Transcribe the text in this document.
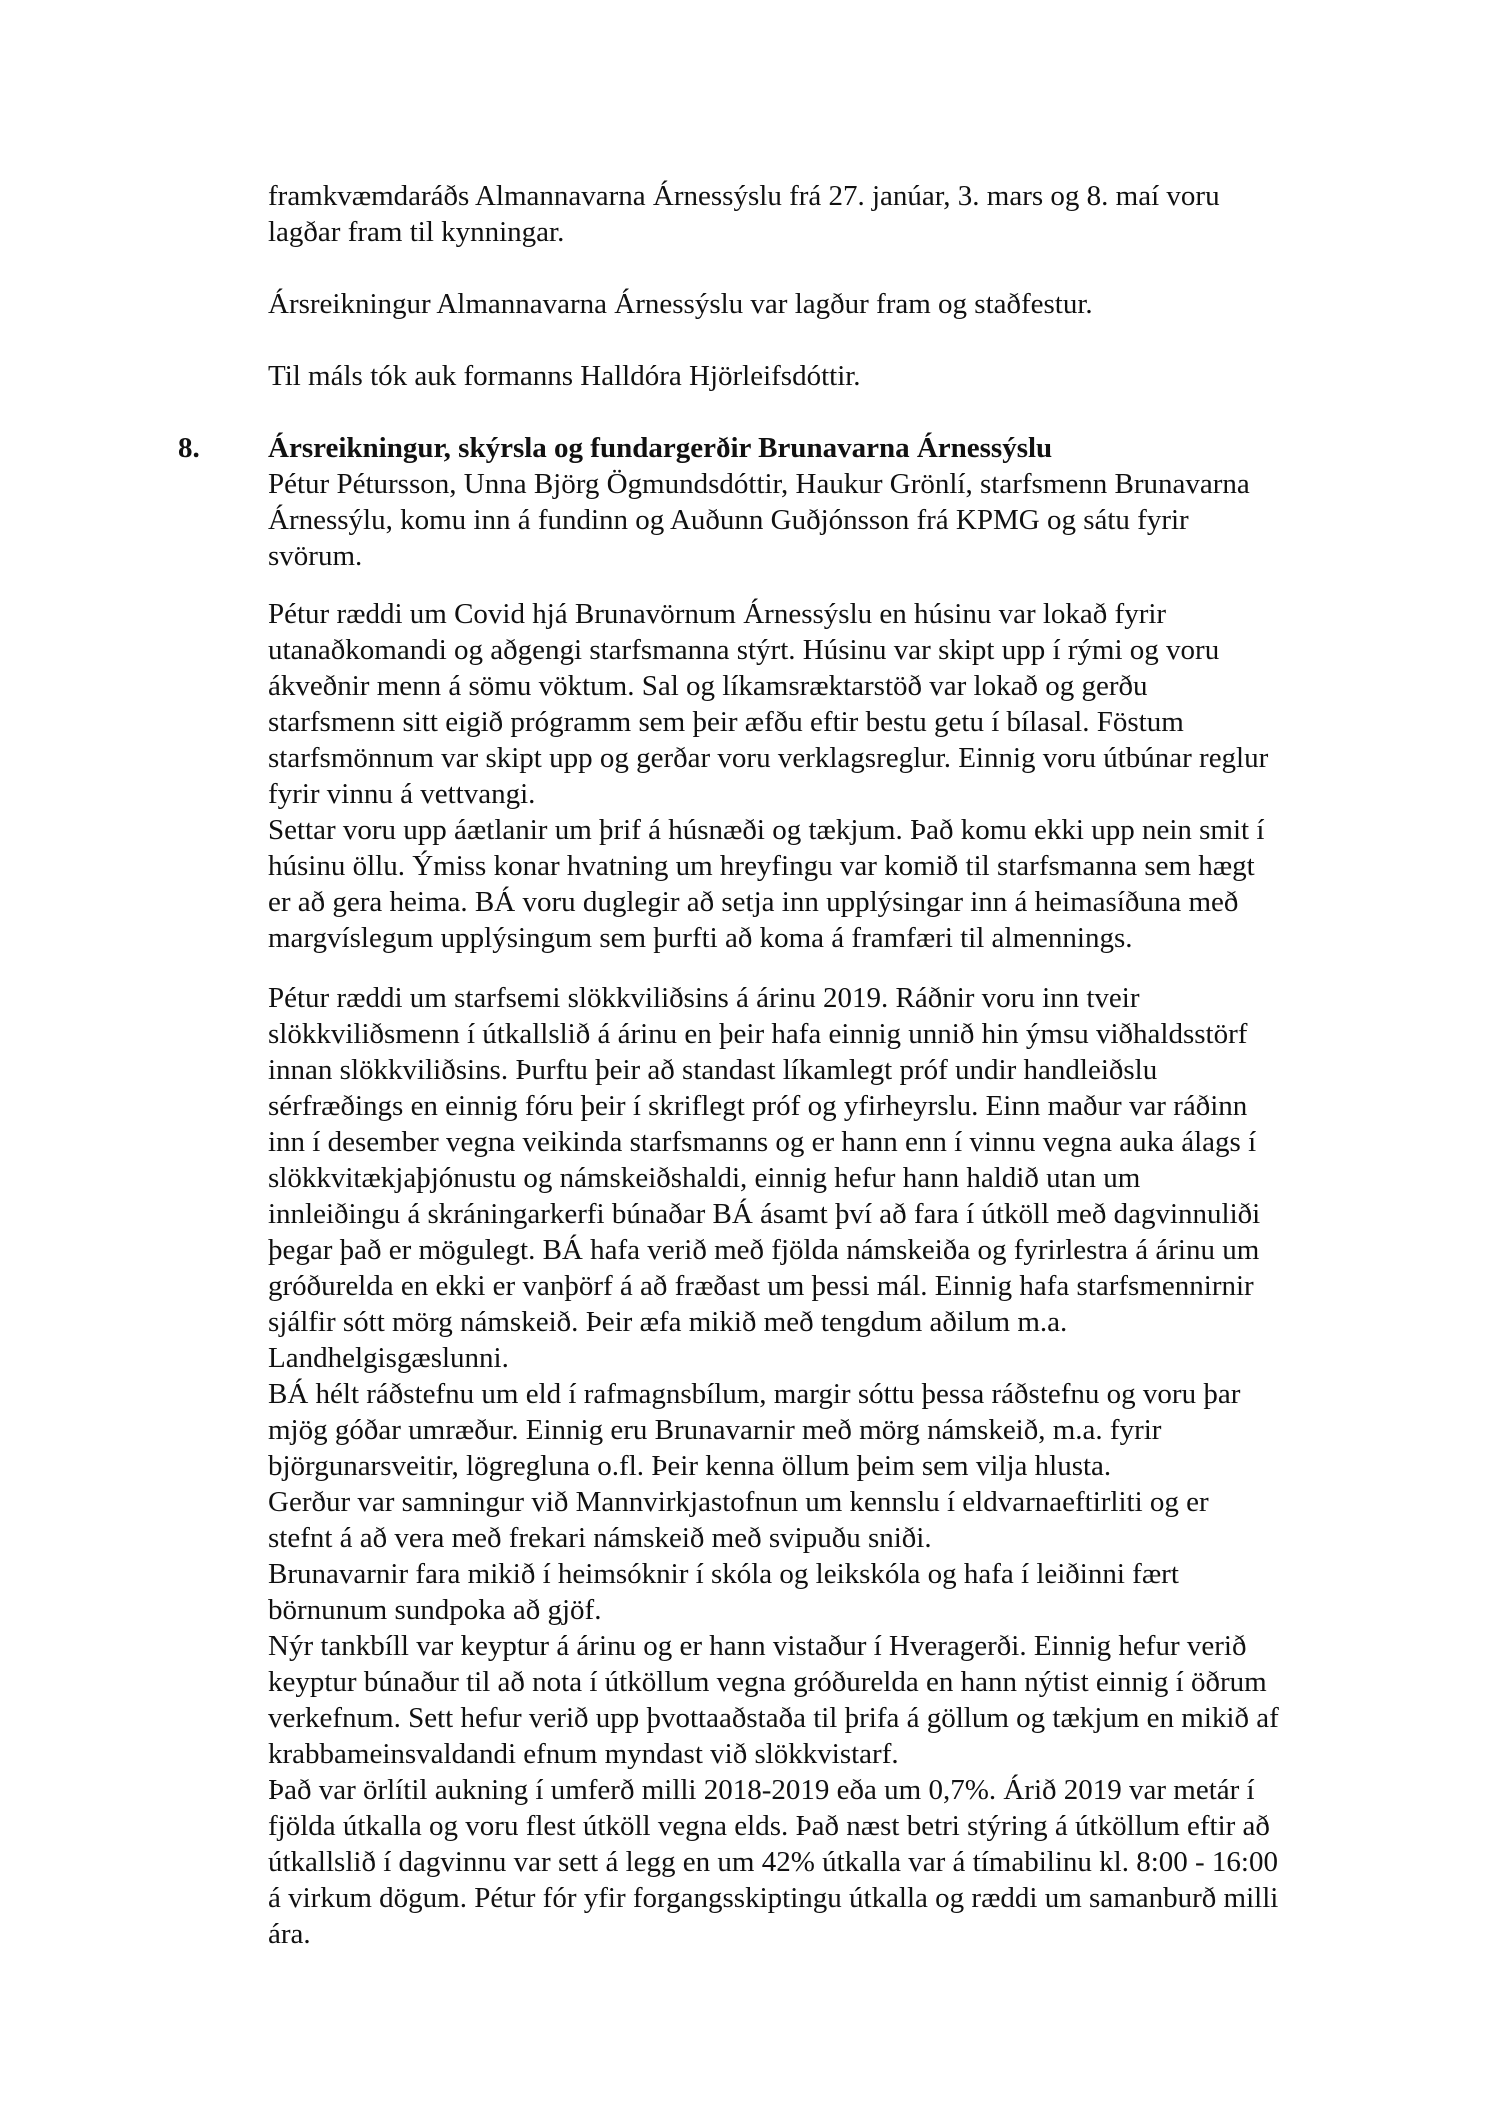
framkvæmdaráðs Almannavarna Árnessýslu frá 27. janúar, 3. mars og 8. maí voru
lagðar fram til kynningar.
Ársreikningur Almannavarna Árnessýslu var lagður fram og staðfestur.
Til máls tók auk formanns Halldóra Hjörleifsdóttir.
8. Ársreikningur, skýrsla og fundargerðir Brunavarna Árnessýslu
Pétur Pétursson, Unna Björg Ögmundsdóttir, Haukur Grönlí, starfsmenn Brunavarna
Árnessýlu, komu inn á fundinn og Auðunn Guðjónsson frá KPMG og sátu fyrir
svörum.
Pétur ræddi um Covid hjá Brunavörnum Árnessýslu en húsinu var lokað fyrir
utanaðkomandi og aðgengi starfsmanna stýrt. Húsinu var skipt upp í rými og voru
ákveðnir menn á sömu vöktum. Sal og líkamsræktarstöð var lokað og gerðu
starfsmenn sitt eigið prógramm sem þeir æfðu eftir bestu getu í bílasal. Föstum
starfsmönnum var skipt upp og gerðar voru verklagsreglur. Einnig voru útbúnar reglur
fyrir vinnu á vettvangi.
Settar voru upp áætlanir um þrif á húsnæði og tækjum. Það komu ekki upp nein smit í
húsinu öllu. Ýmiss konar hvatning um hreyfingu var komið til starfsmanna sem hægt
er að gera heima. BÁ voru duglegir að setja inn upplýsingar inn á heimasíðuna með
margvíslegum upplýsingum sem þurfti að koma á framfæri til almennings.
Pétur ræddi um starfsemi slökkviliðsins á árinu 2019. Ráðnir voru inn tveir
slökkviliðsmenn í útkallslið á árinu en þeir hafa einnig unnið hin ýmsu viðhaldsstörf
innan slökkviliðsins. Þurftu þeir að standast líkamlegt próf undir handleiðslu
sérfræðings en einnig fóru þeir í skriflegt próf og yfirheyrslu. Einn maður var ráðinn
inn í desember vegna veikinda starfsmanns og er hann enn í vinnu vegna auka álags í
slökkvitækjaþjónustu og námskeiðshaldi, einnig hefur hann haldið utan um
innleiðingu á skráningarkerfi búnaðar BÁ ásamt því að fara í útköll með dagvinnuliði
þegar það er mögulegt. BÁ hafa verið með fjölda námskeiða og fyrirlestra á árinu um
gróðurelda en ekki er vanþörf á að fræðast um þessi mál. Einnig hafa starfsmennirnir
sjálfir sótt mörg námskeið. Þeir æfa mikið með tengdum aðilum m.a.
Landhelgisgæslunni.
BÁ hélt ráðstefnu um eld í rafmagnsbílum, margir sóttu þessa ráðstefnu og voru þar
mjög góðar umræður. Einnig eru Brunavarnir með mörg námskeið, m.a. fyrir
björgunarsveitir, lögregluna o.fl. Þeir kenna öllum þeim sem vilja hlusta.
Gerður var samningur við Mannvirkjastofnun um kennslu í eldvarnaeftirliti og er
stefnt á að vera með frekari námskeið með svipuðu sniði.
Brunavarnir fara mikið í heimsóknir í skóla og leikskóla og hafa í leiðinni fært
börnunum sundpoka að gjöf.
Nýr tankbíll var keyptur á árinu og er hann vistaður í Hveragerði. Einnig hefur verið
keyptur búnaður til að nota í útköllum vegna gróðurelda en hann nýtist einnig í öðrum
verkefnum. Sett hefur verið upp þvottaaðstaða til þrifa á göllum og tækjum en mikið af
krabbameinsvaldandi efnum myndast við slökkvistarf.
Það var örlítil aukning í umferð milli 2018-2019 eða um 0,7%. Árið 2019 var metár í
fjölda útkalla og voru flest útköll vegna elds. Það næst betri stýring á útköllum eftir að
útkallslið í dagvinnu var sett á legg en um 42% útkalla var á tímabilinu kl. 8:00 - 16:00
á virkum dögum. Pétur fór yfir forgangsskiptingu útkalla og ræddi um samanburð milli
ára.
